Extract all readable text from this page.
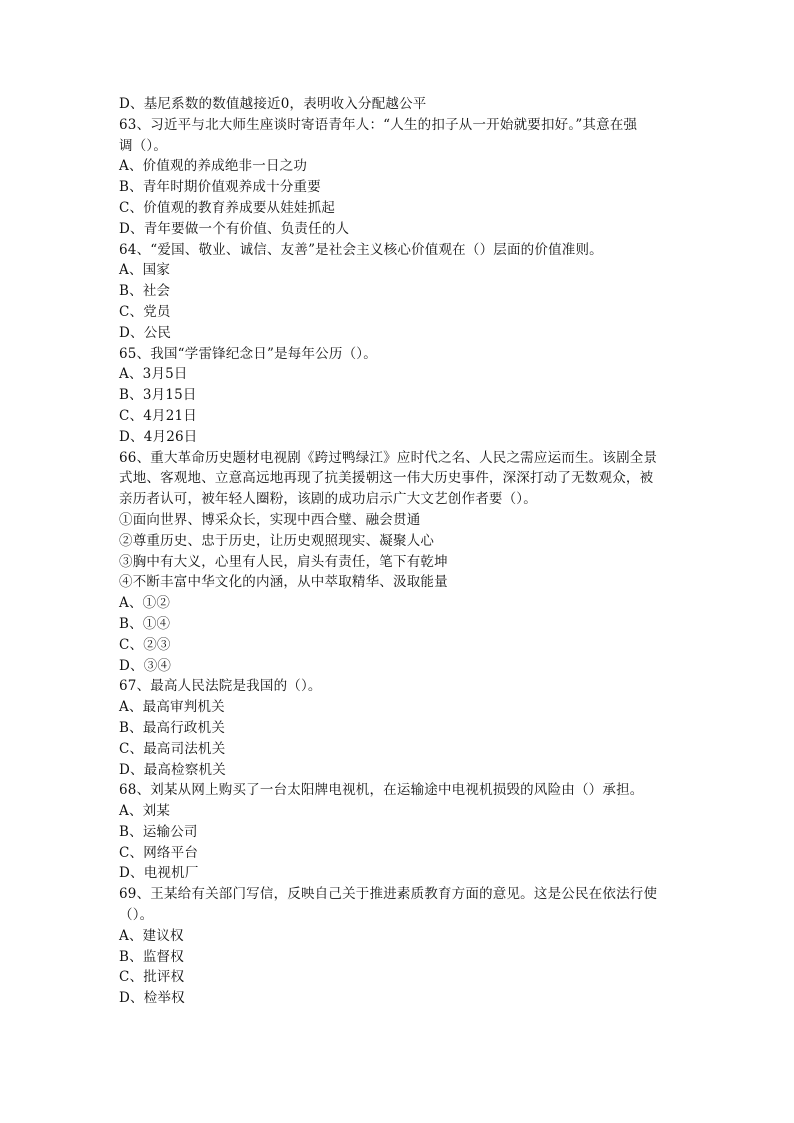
D、基尼系数的数值越接近0，表明收入分配越公平
63、习近平与北大师生座谈时寄语青年人：“人生的扣子从一开始就要扣好。”其意在强
调（）。
A、价值观的养成绝非一日之功
B、青年时期价值观养成十分重要
C、价值观的教育养成要从娃娃抓起
D、青年要做一个有价值、负责任的人
64、“爱国、敬业、诚信、友善”是社会主义核心价值观在（）层面的价值准则。
A、国家
B、社会
C、党员
D、公民
65、我国“学雷锋纪念日”是每年公历（）。
A、3月5日
B、3月15日
C、4月21日
D、4月26日
66、重大革命历史题材电视剧《跨过鸭绿江》应时代之名、人民之需应运而生。该剧全景
式地、客观地、立意高远地再现了抗美援朝这一伟大历史事件，深深打动了无数观众，被
亲历者认可，被年轻人圈粉，该剧的成功启示广大文艺创作者要（）。
①面向世界、博采众长，实现中西合璧、融会贯通
②尊重历史、忠于历史，让历史观照现实、凝聚人心
③胸中有大义，心里有人民，肩头有责任，笔下有乾坤
④不断丰富中华文化的内涵，从中萃取精华、汲取能量
A、①②
B、①④
C、②③
D、③④
67、最高人民法院是我国的（）。
A、最高审判机关
B、最高行政机关
C、最高司法机关
D、最高检察机关
68、刘某从网上购买了一台太阳牌电视机，在运输途中电视机损毁的风险由（）承担。
A、刘某
B、运输公司
C、网络平台
D、电视机厂
69、王某给有关部门写信，反映自己关于推进素质教育方面的意见。这是公民在依法行使
（）。
A、建议权
B、监督权
C、批评权
D、检举权
